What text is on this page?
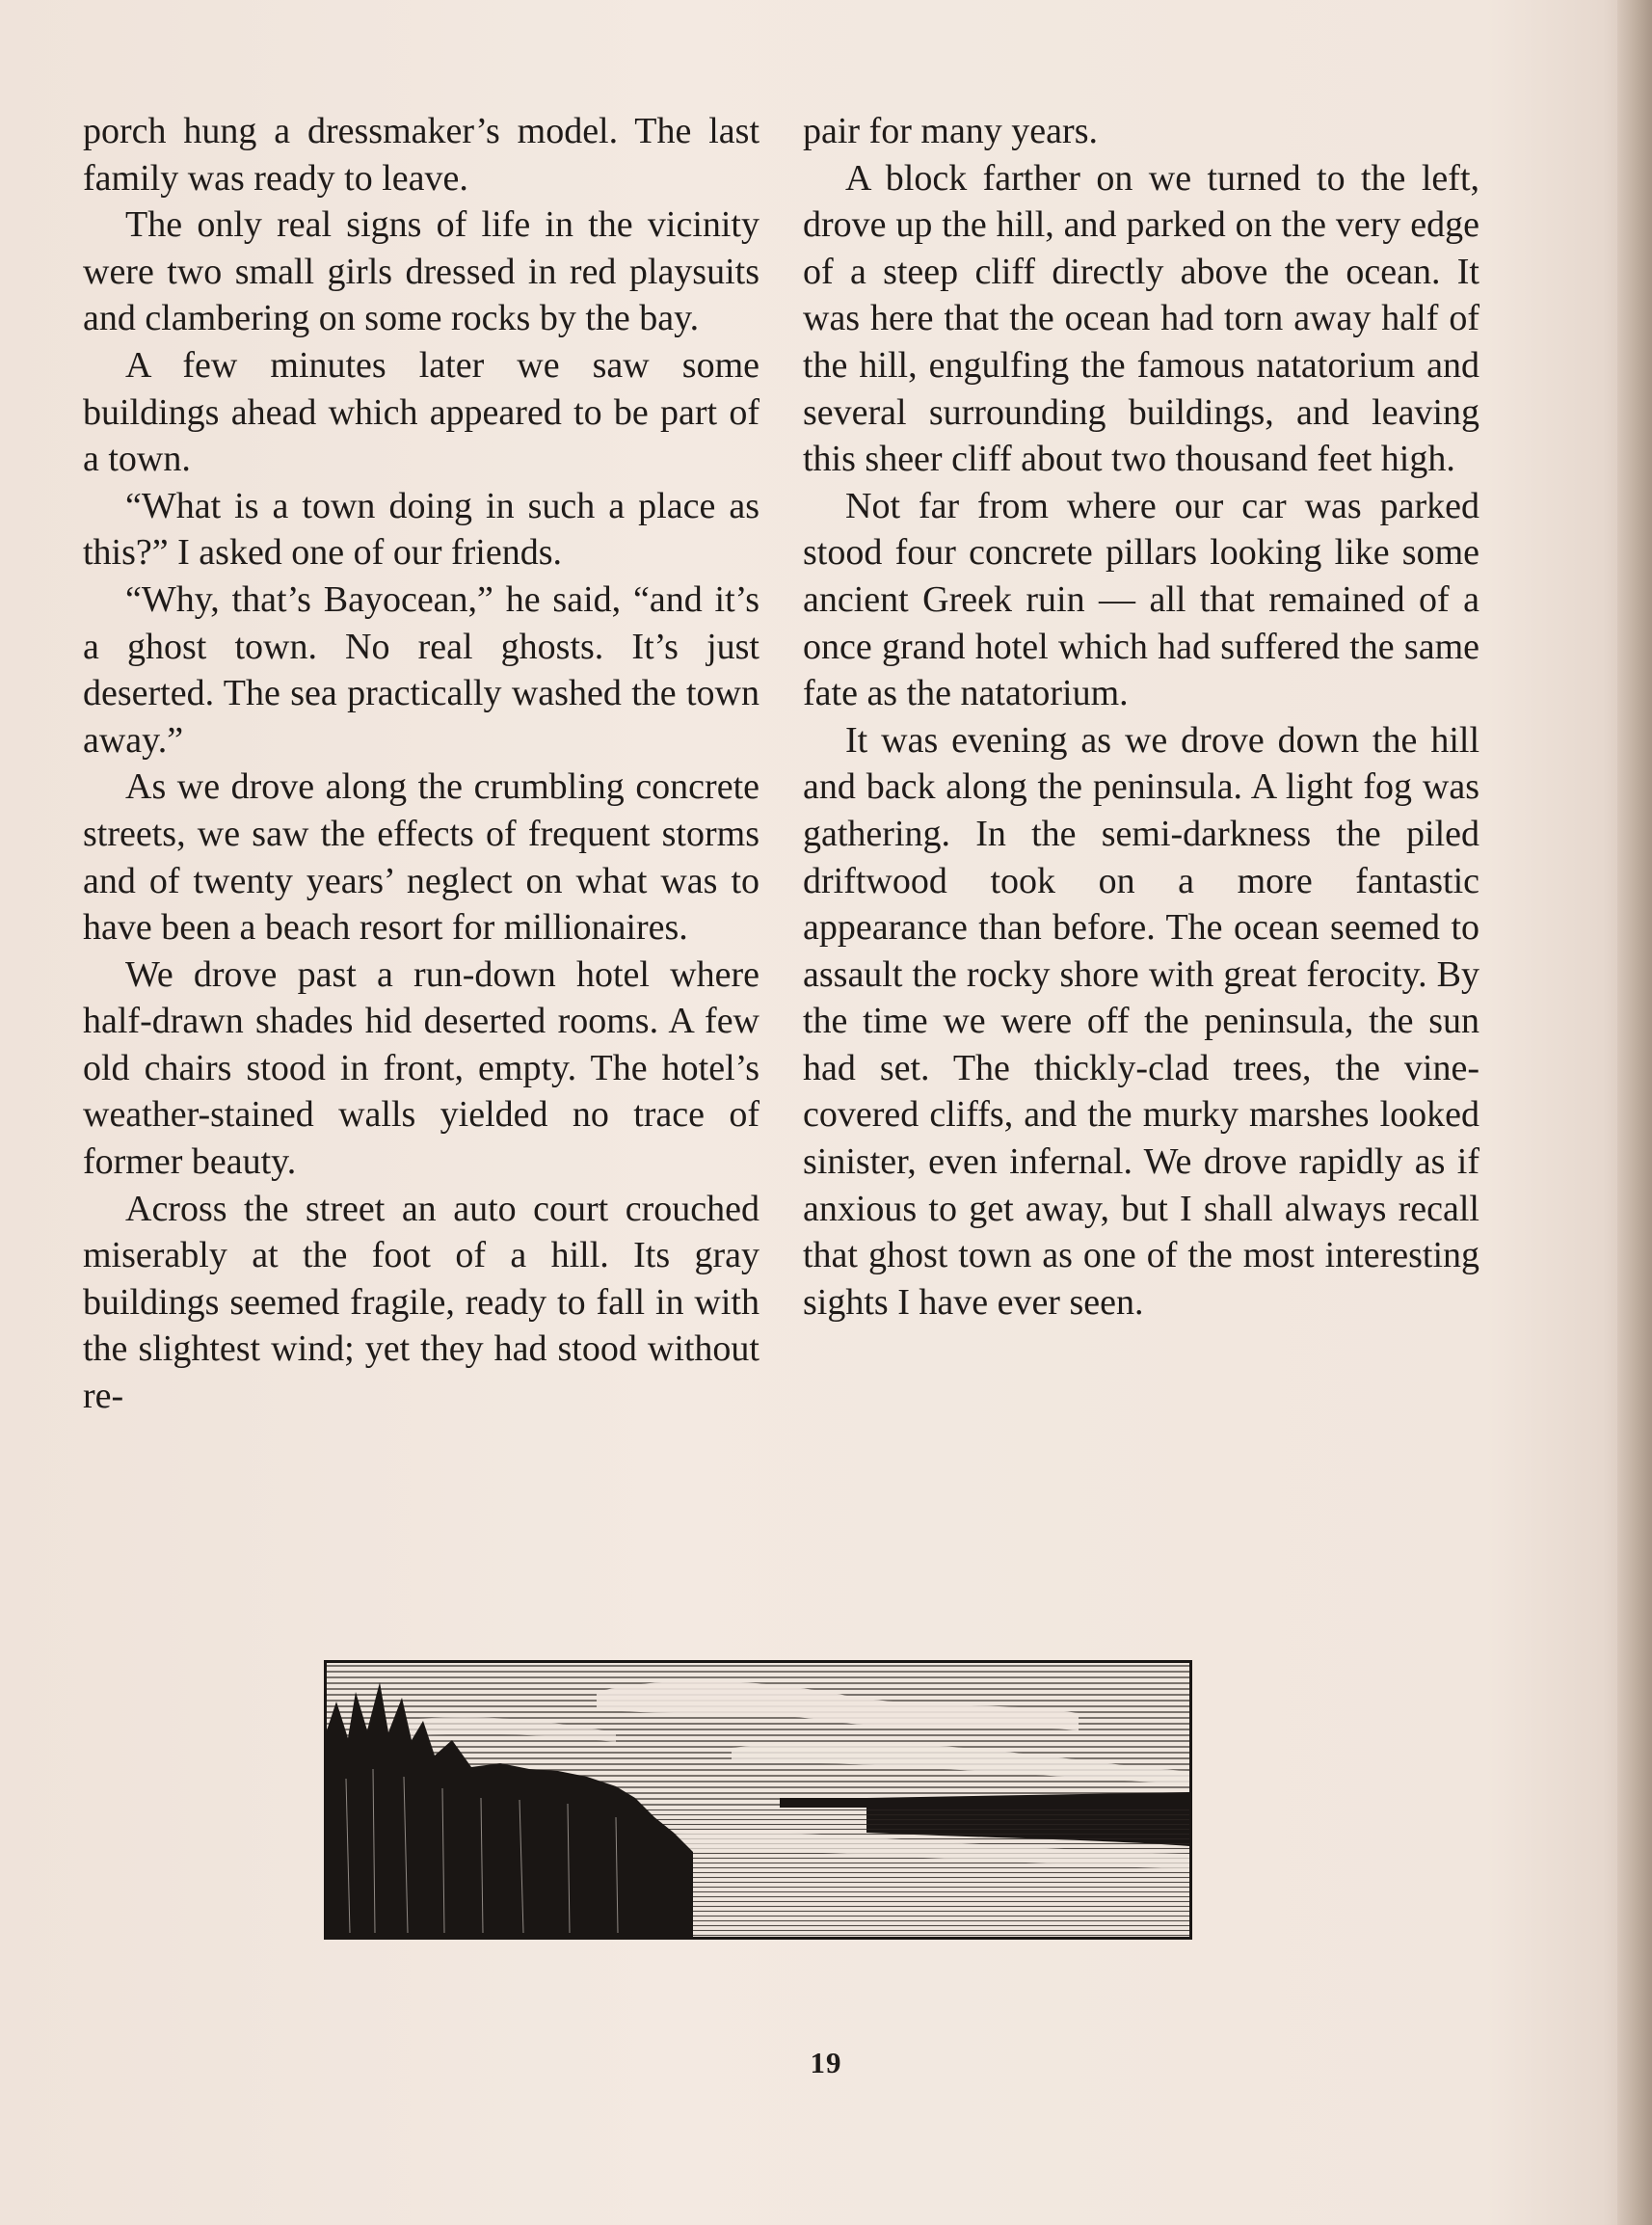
porch hung a dressmaker’s model. The last family was ready to leave.

The only real signs of life in the vicinity were two small girls dressed in red playsuits and clambering on some rocks by the bay.

A few minutes later we saw some buildings ahead which appeared to be part of a town.

“What is a town doing in such a place as this?” I asked one of our friends.

“Why, that’s Bayocean,” he said, “and it’s a ghost town. No real ghosts. It’s just deserted. The sea practically washed the town away.”

As we drove along the crumbling concrete streets, we saw the effects of frequent storms and of twenty years’ neglect on what was to have been a beach resort for millionaires.

We drove past a run-down hotel where half-drawn shades hid deserted rooms. A few old chairs stood in front, empty. The hotel’s weather-stained walls yielded no trace of former beauty.

Across the street an auto court crouched miserably at the foot of a hill. Its gray buildings seemed fragile, ready to fall in with the slightest wind; yet they had stood without re-

pair for many years.

A block farther on we turned to the left, drove up the hill, and parked on the very edge of a steep cliff directly above the ocean. It was here that the ocean had torn away half of the hill, engulfing the famous natatorium and several surrounding buildings, and leaving this sheer cliff about two thousand feet high.

Not far from where our car was parked stood four concrete pillars looking like some ancient Greek ruin — all that remained of a once grand hotel which had suffered the same fate as the natatorium.

It was evening as we drove down the hill and back along the peninsula. A light fog was gathering. In the semi-darkness the piled driftwood took on a more fantastic appearance than before. The ocean seemed to assault the rocky shore with great ferocity. By the time we were off the peninsula, the sun had set. The thickly-clad trees, the vine-covered cliffs, and the murky marshes looked sinister, even infernal. We drove rapidly as if anxious to get away, but I shall always recall that ghost town as one of the most interesting sights I have ever seen.

19
